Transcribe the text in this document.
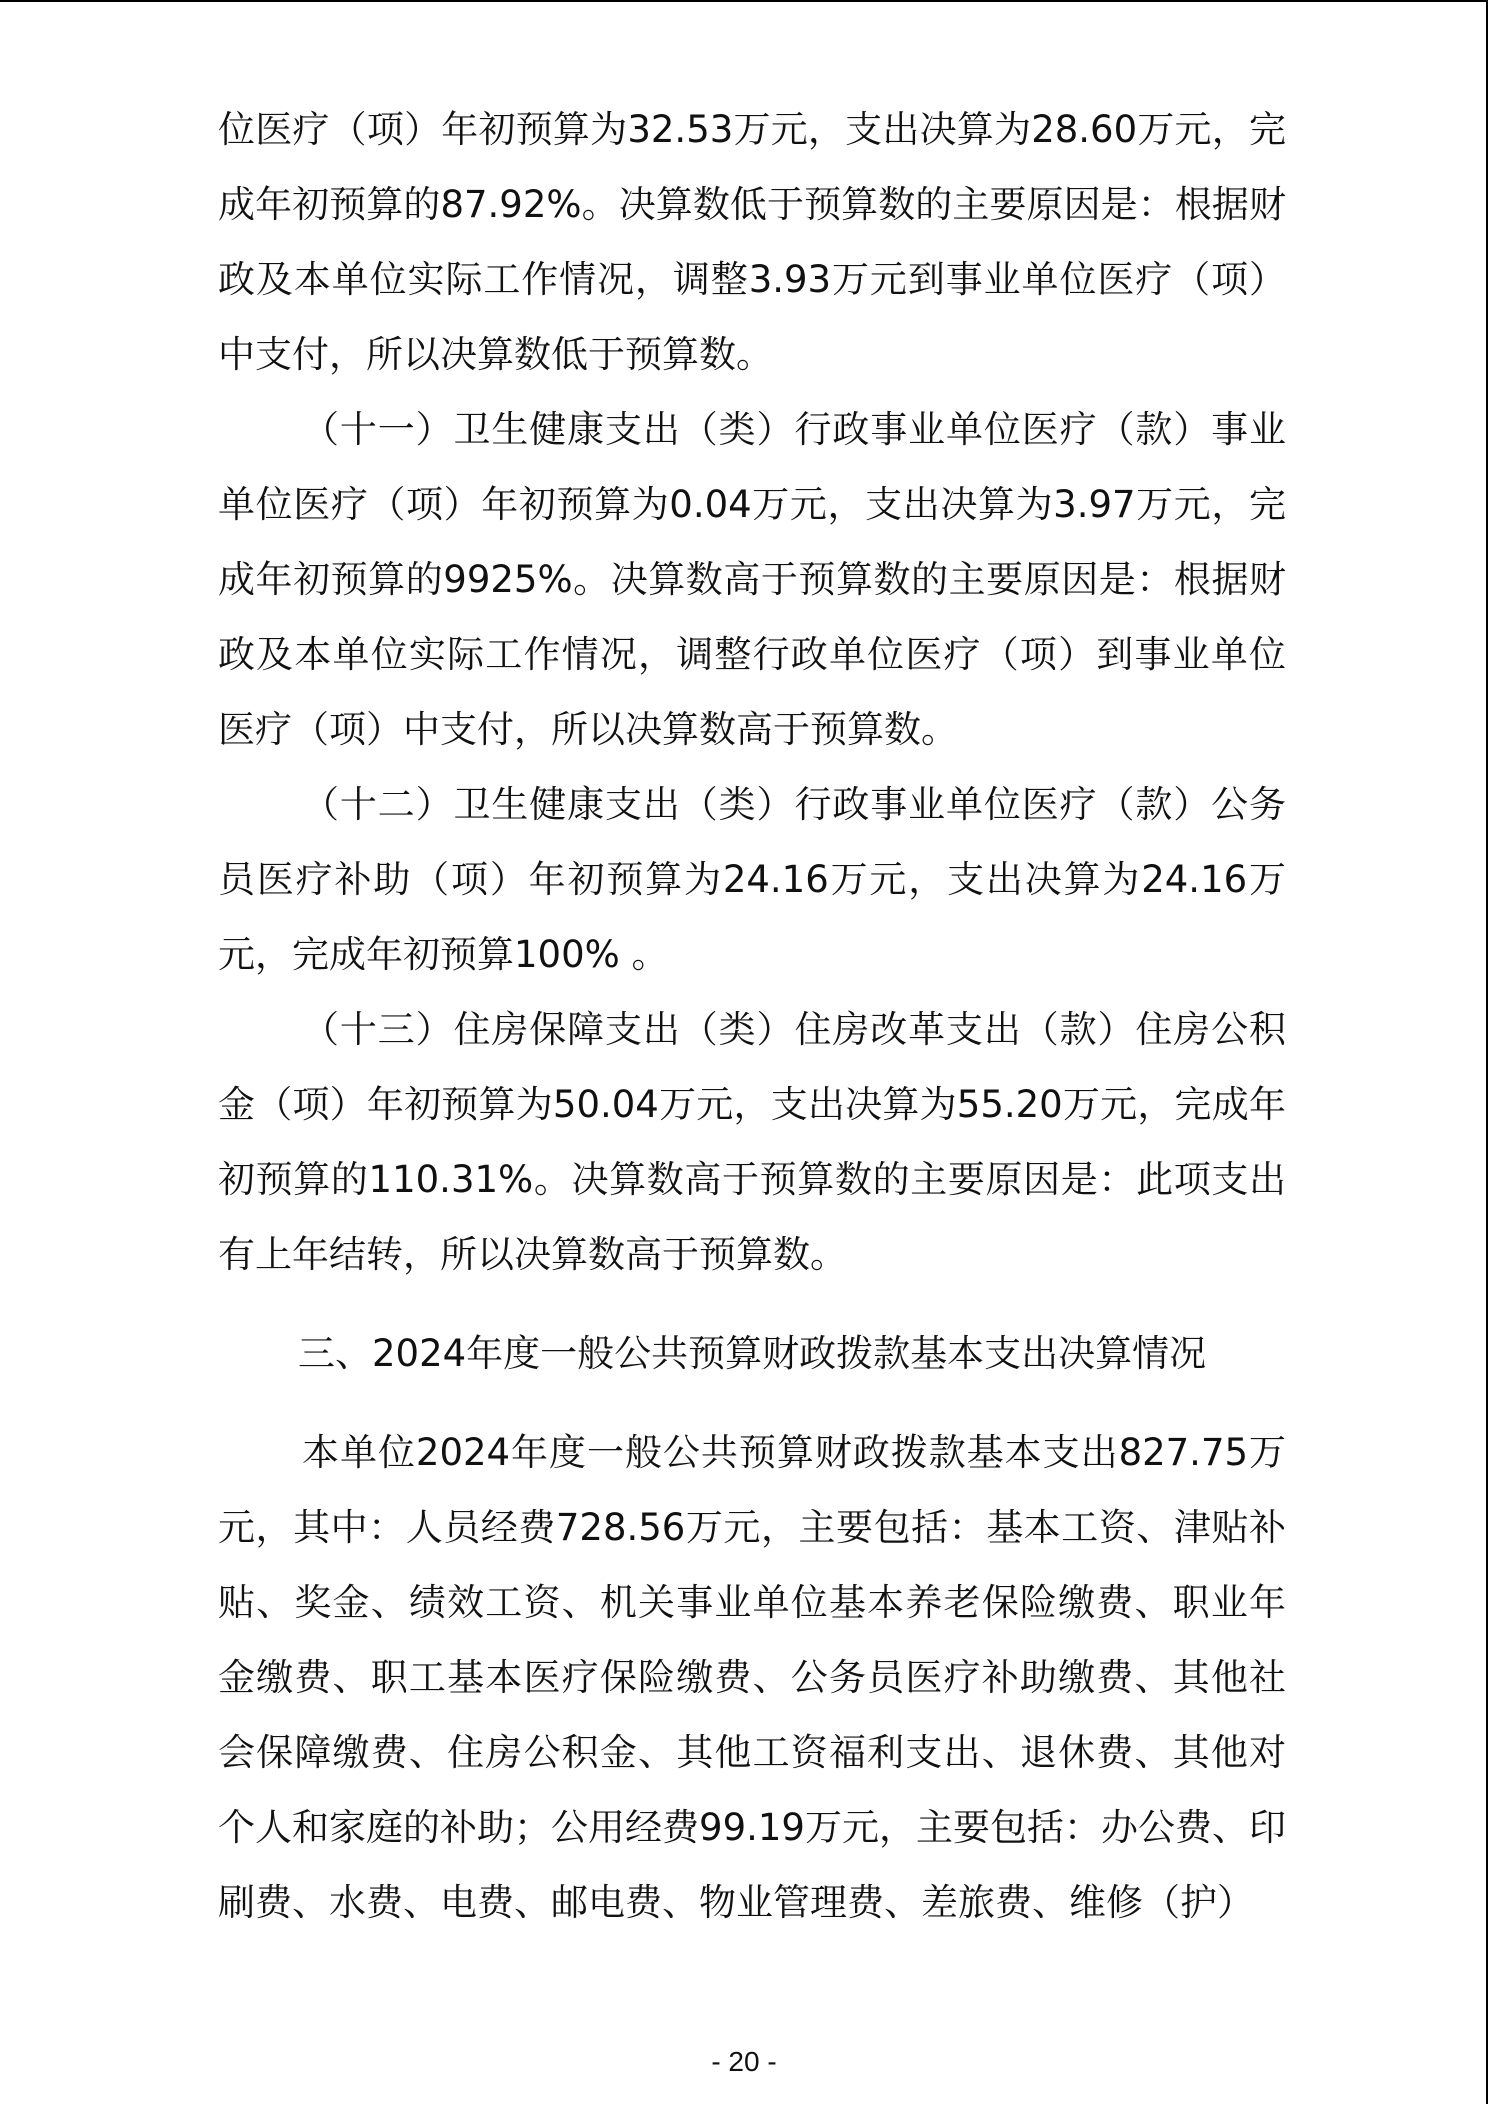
位医疗（项）年初预算为32.53万元，支出决算为28.60万元，完成年初预算的87.92%。决算数低于预算数的主要原因是：根据财政及本单位实际工作情况，调整3.93万元到事业单位医疗（项）中支付，所以决算数低于预算数。

（十一）卫生健康支出（类）行政事业单位医疗（款）事业单位医疗（项）年初预算为0.04万元，支出决算为3.97万元，完成年初预算的9925%。决算数高于预算数的主要原因是：根据财政及本单位实际工作情况，调整行政单位医疗（项）到事业单位医疗（项）中支付，所以决算数高于预算数。

（十二）卫生健康支出（类）行政事业单位医疗（款）公务员医疗补助（项）年初预算为24.16万元，支出决算为24.16万元，完成年初预算100% 。

（十三）住房保障支出（类）住房改革支出（款）住房公积金（项）年初预算为50.04万元，支出决算为55.20万元，完成年初预算的110.31%。决算数高于预算数的主要原因是：此项支出有上年结转，所以决算数高于预算数。

三、2024年度一般公共预算财政拨款基本支出决算情况

本单位2024年度一般公共预算财政拨款基本支出827.75万元，其中：人员经费728.56万元，主要包括：基本工资、津贴补贴、奖金、绩效工资、机关事业单位基本养老保险缴费、职业年金缴费、职工基本医疗保险缴费、公务员医疗补助缴费、其他社会保障缴费、住房公积金、其他工资福利支出、退休费、其他对个人和家庭的补助；公用经费99.19万元，主要包括：办公费、印刷费、水费、电费、邮电费、物业管理费、差旅费、维修（护）

- 20 -
